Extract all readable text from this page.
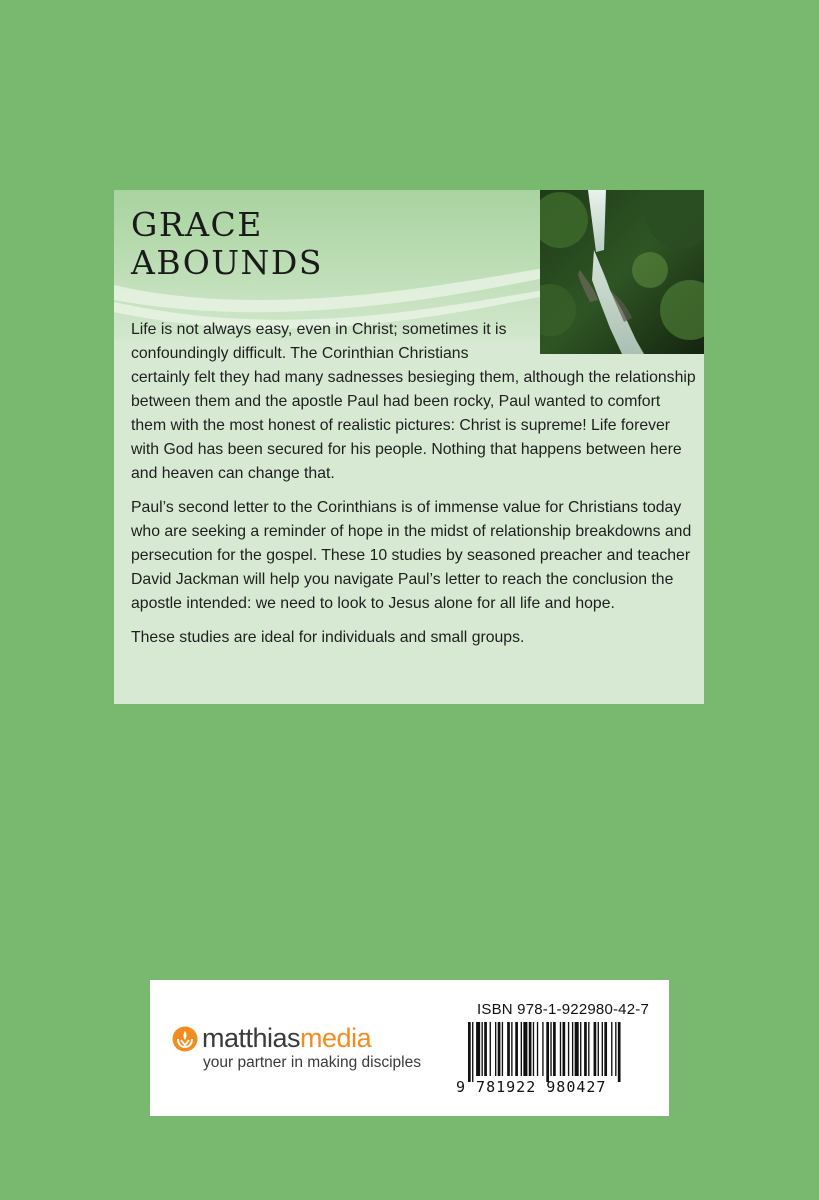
GRACE
ABOUNDS

Life is not always easy, even in Christ; sometimes it is confoundingly difficult. The Corinthian Christians
certainly felt they had many sadnesses besieging them, although the relationship between them and the apostle Paul had been rocky, Paul wanted to comfort them with the most honest of realistic pictures: Christ is supreme! Life forever with God has been secured for his people. Nothing that happens between here and heaven can change that.

Paul’s second letter to the Corinthians is of immense value for Christians today who are seeking a reminder of hope in the midst of relationship breakdowns and persecution for the gospel. These 10 studies by seasoned preacher and teacher David Jackman will help you navigate Paul’s letter to reach the conclusion the apostle intended: we need to look to Jesus alone for all life and hope.

These studies are ideal for individuals and small groups.

matthiasmedia
your partner in making disciples
ISBN 978-1-922980-42-7
9 781922 980427
